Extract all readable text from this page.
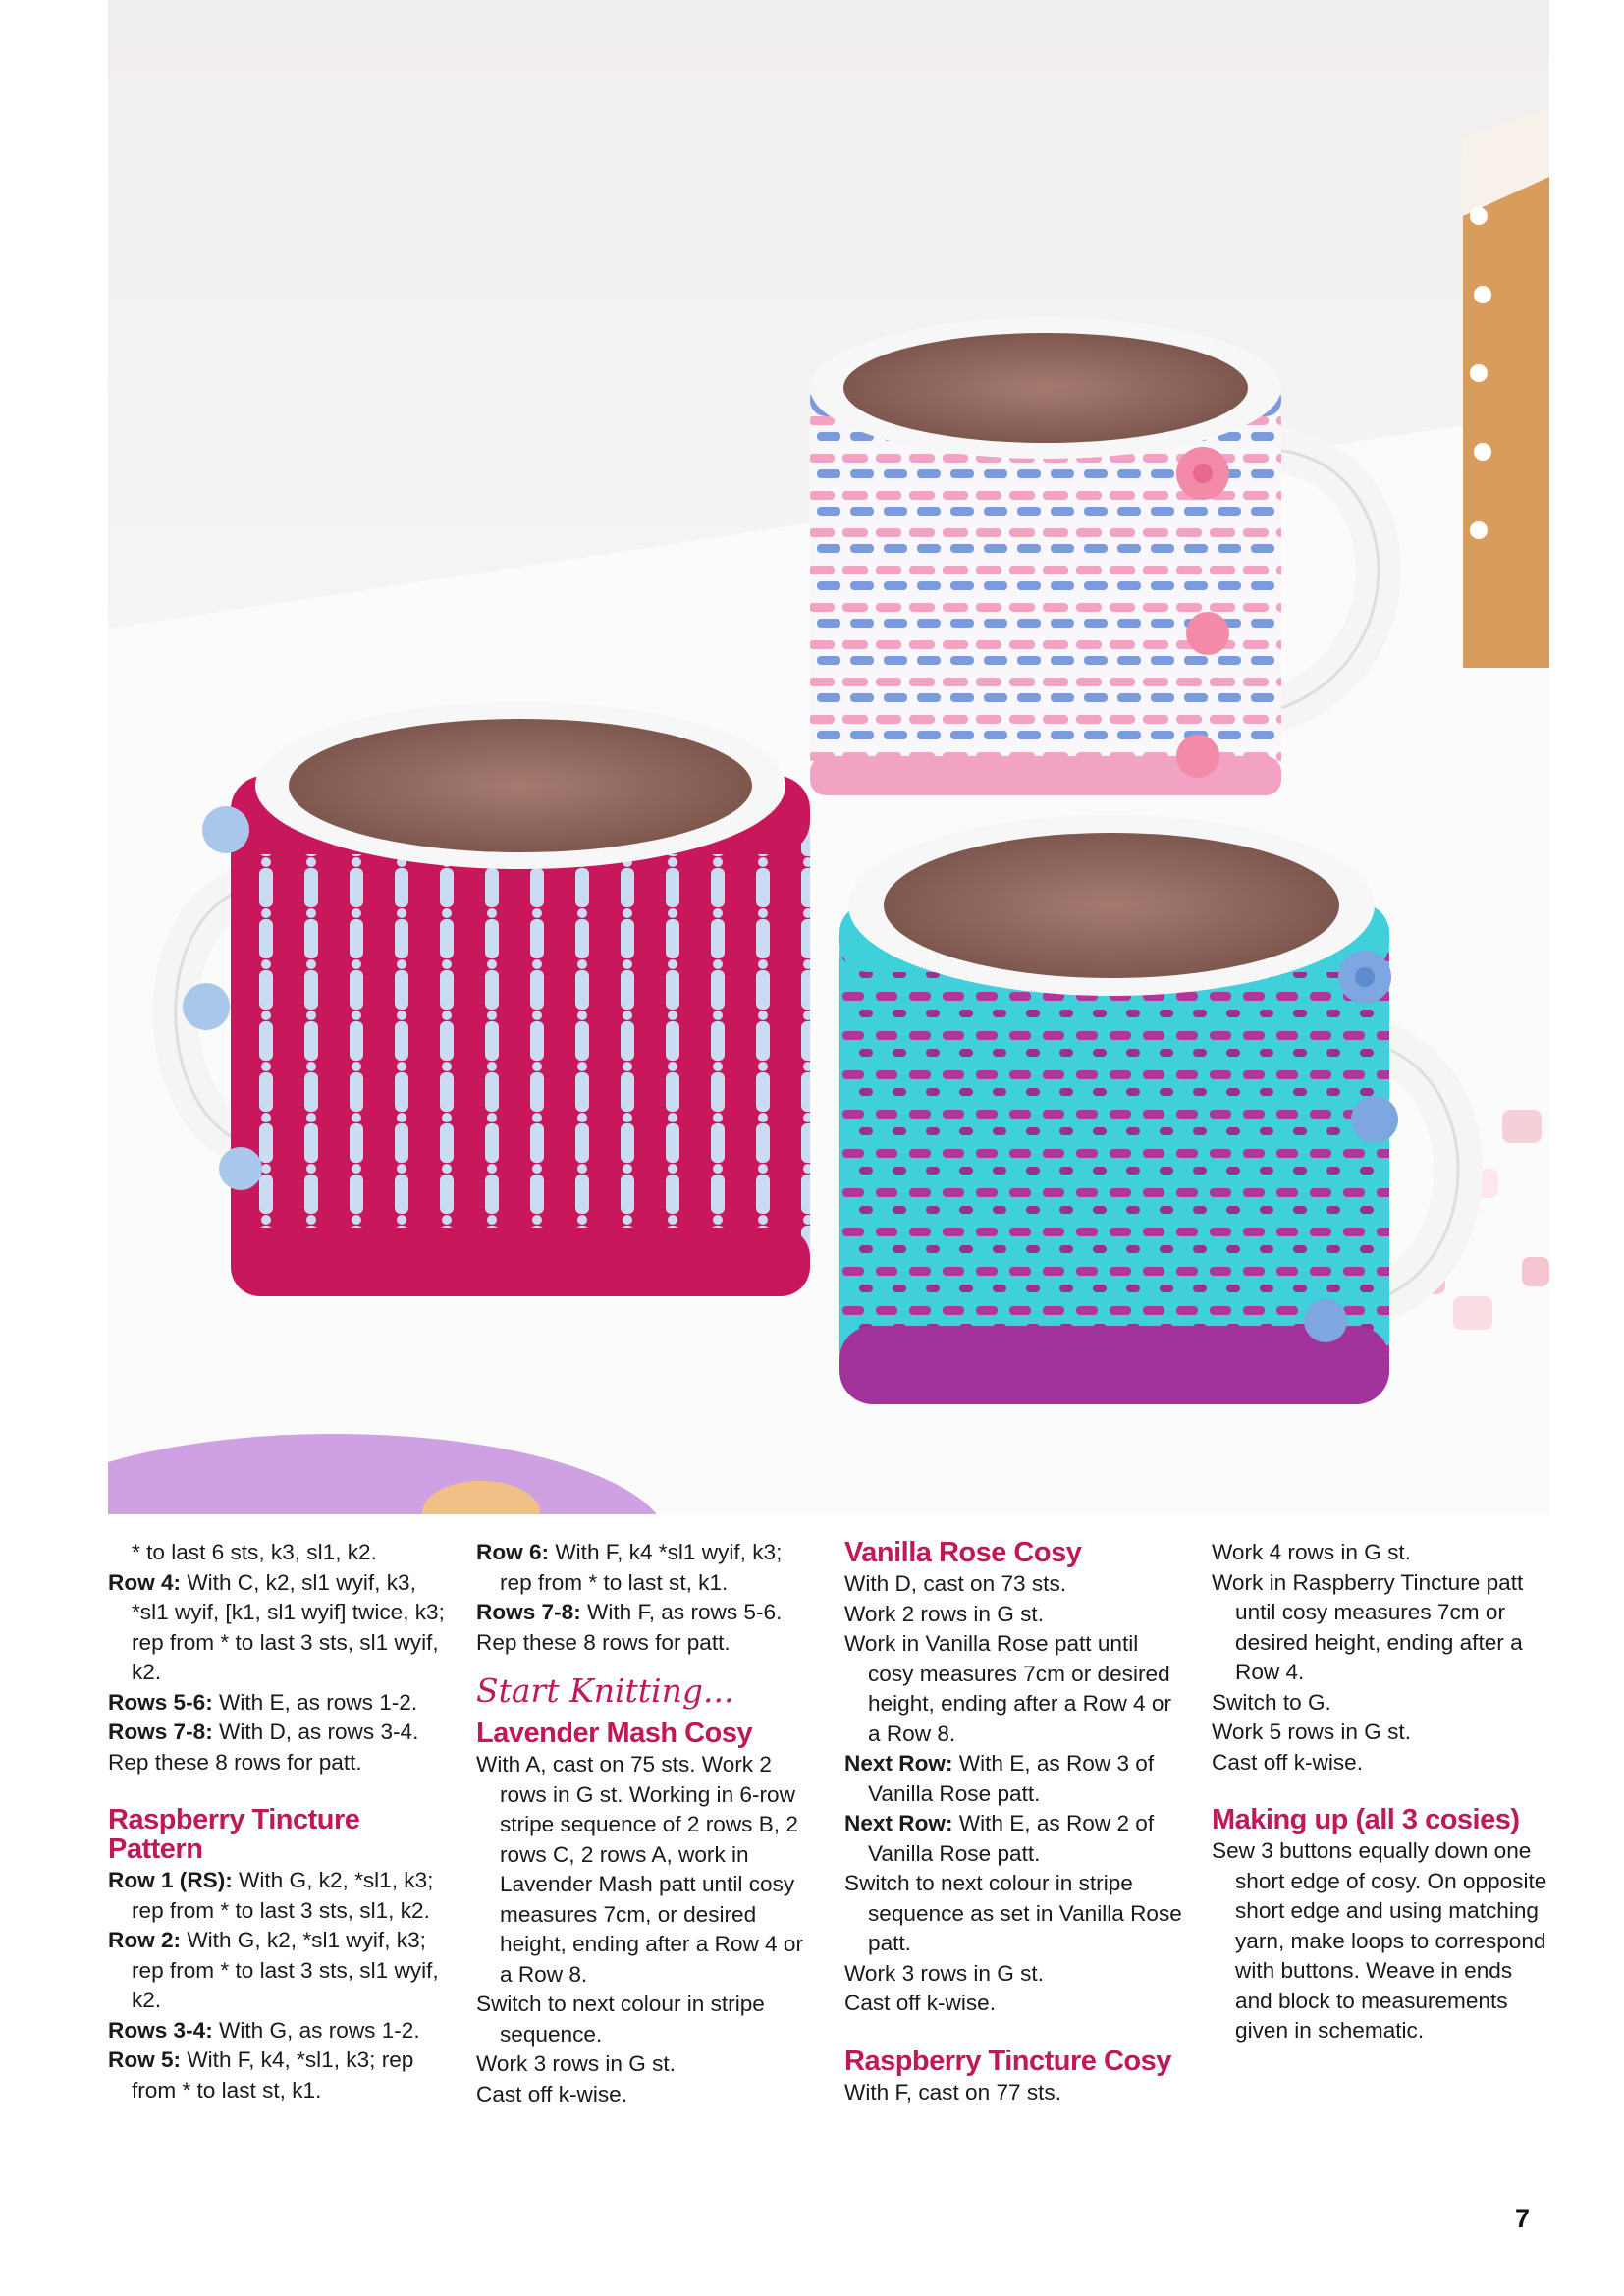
* to last 6 sts, k3, sl1, k2.

Row 4: With C, k2, sl1 wyif, k3, *sl1 wyif, [k1, sl1 wyif] twice, k3; rep from * to last 3 sts, sl1 wyif, k2.

Rows 5-6: With E, as rows 1-2.

Rows 7-8: With D, as rows 3-4.

Rep these 8 rows for patt.

Raspberry Tincture Pattern

Row 1 (RS): With G, k2, *sl1, k3; rep from * to last 3 sts, sl1, k2.

Row 2: With G, k2, *sl1 wyif, k3; rep from * to last 3 sts, sl1 wyif, k2.

Rows 3-4: With G, as rows 1-2.

Row 5: With F, k4, *sl1, k3; rep from * to last st, k1.

Row 6: With F, k4 *sl1 wyif, k3; rep from * to last st, k1.

Rows 7-8: With F, as rows 5-6.

Rep these 8 rows for patt.

Start Knitting...
Lavender Mash Cosy

With A, cast on 75 sts. Work 2 rows in G st. Working in 6-row stripe sequence of 2 rows B, 2 rows C, 2 rows A, work in Lavender Mash patt until cosy measures 7cm, or desired height, ending after a Row 4 or a Row 8.

Switch to next colour in stripe sequence.

Work 3 rows in G st.

Cast off k-wise.

Vanilla Rose Cosy

With D, cast on 73 sts.

Work 2 rows in G st.

Work in Vanilla Rose patt until cosy measures 7cm or desired height, ending after a Row 4 or a Row 8.

Next Row: With E, as Row 3 of Vanilla Rose patt.

Next Row: With E, as Row 2 of Vanilla Rose patt.

Switch to next colour in stripe sequence as set in Vanilla Rose patt.

Work 3 rows in G st.

Cast off k-wise.

Raspberry Tincture Cosy

With F, cast on 77 sts.

Work 4 rows in G st.

Work in Raspberry Tincture patt until cosy measures 7cm or desired height, ending after a Row 4.

Switch to G.

Work 5 rows in G st.

Cast off k-wise.

Making up (all 3 cosies)

Sew 3 buttons equally down one short edge of cosy. On opposite short edge and using matching yarn, make loops to correspond with buttons. Weave in ends and block to measurements given in schematic.

7
